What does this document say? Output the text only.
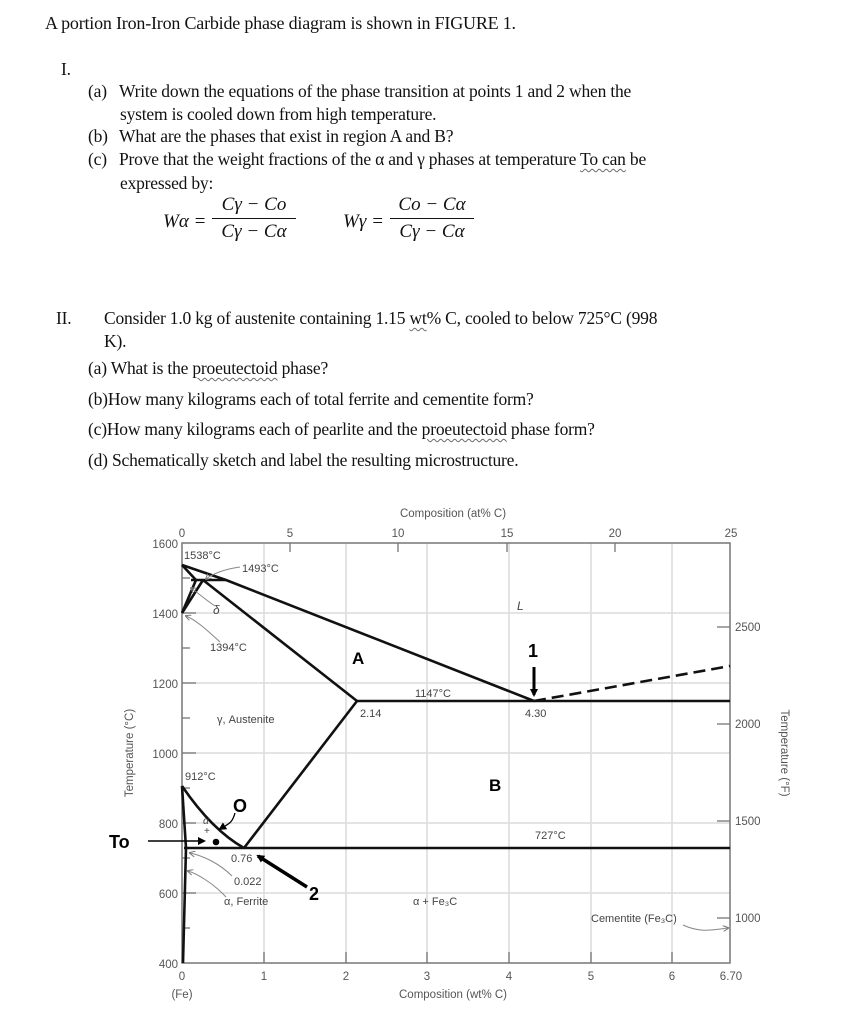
A portion Iron-Iron Carbide phase diagram is shown in FIGURE 1.
I.
(a) Write down the equations of the phase transition at points 1 and 2 when the
system is cooled down from high temperature.
(b) What are the phases that exist in region A and B?
(c) Prove that the weight fractions of the α and γ phases at temperature To can be
expressed by:
$W\alpha = \frac{C\gamma - Co}{C\gamma - C\alpha}$ $W\gamma = \frac{Co - C\alpha}{C\gamma - C\alpha}$
II. Consider 1.0 kg of austenite containing 1.15 wt% C, cooled to below 725°C (998
K).
(a) What is the proeutectoid phase?
(b)How many kilograms each of total ferrite and cementite form?
(c)How many kilograms each of pearlite and the proeutectoid phase form?
(d) Schematically sketch and label the resulting microstructure.
0	5	10	15	20	25
Composition (at% C)
0	1	2	3	4	5	6	6.70
(Fe)	Composition (wt% C)
1600
1400
1200
1000
800
600
400
Temperature (°C)
2500
2000
1500
1000
Temperature (°F)
1538°C
1493°C
1394°C
δ	L
γ, Austenite
1147°C
2.14	4.30
912°C
α
+
0.76
0.022
α, Ferrite
727°C
α + Fe₃C
Cementite (Fe₃C)
A
B
1
2
O
To
